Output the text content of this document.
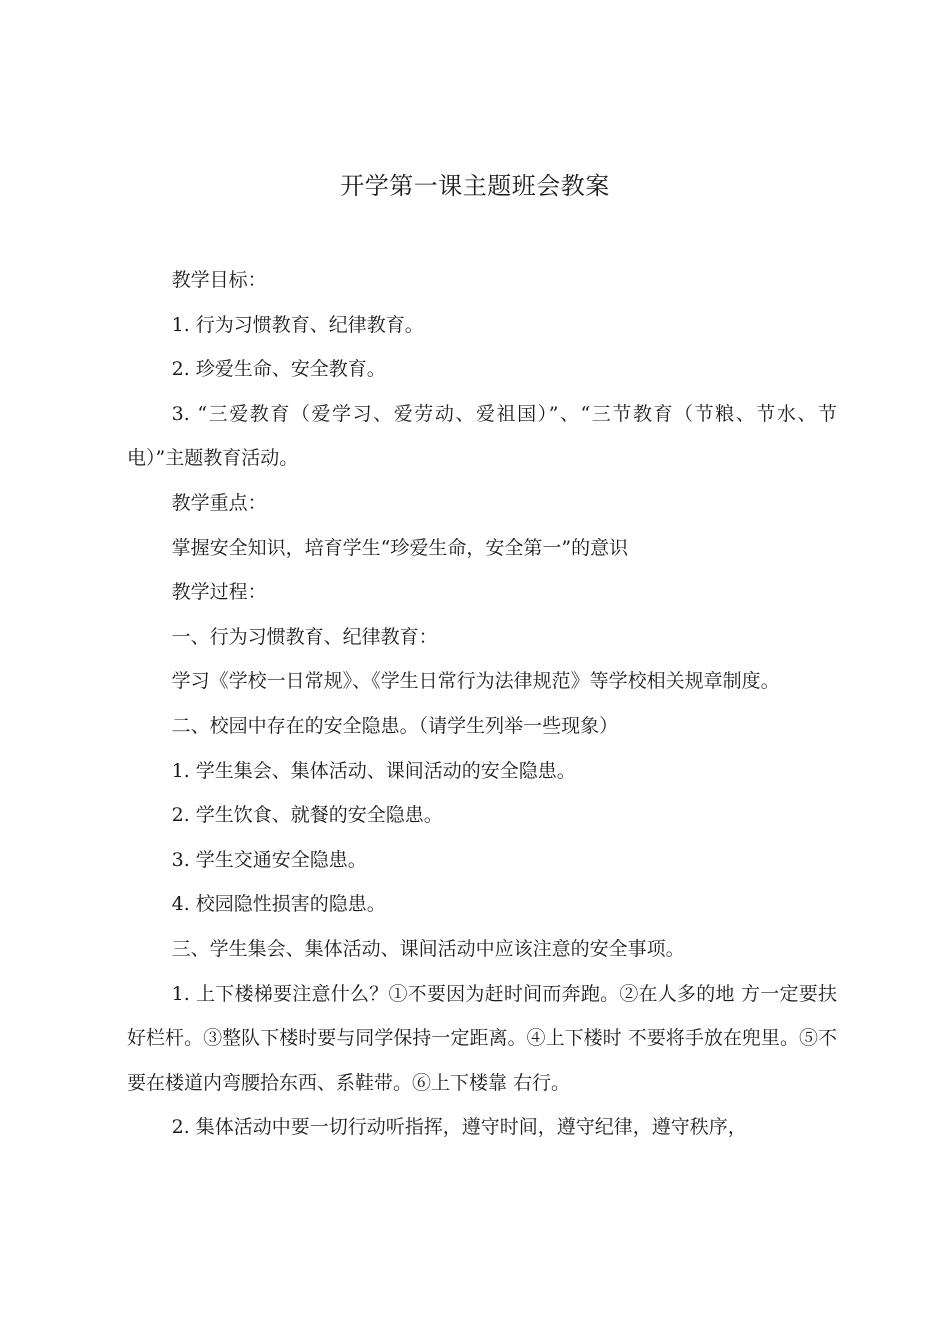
开学第一课主题班会教案

教学目标：

1. 行为习惯教育、纪律教育。

2. 珍爱生命、安全教育。

3. “三爱教育（爱学习、爱劳动、爱祖国）”、“三节教育（节粮、节水、节电）”主题教育活动。

教学重点：

掌握安全知识，培育学生“珍爱生命，安全第一”的意识

教学过程：

一、行为习惯教育、纪律教育：

学习《学校一日常规》、《学生日常行为法律规范》等学校相关规章制度。

二、校园中存在的安全隐患。（请学生列举一些现象）

1. 学生集会、集体活动、课间活动的安全隐患。

2. 学生饮食、就餐的安全隐患。

3. 学生交通安全隐患。

4. 校园隐性损害的隐患。

三、学生集会、集体活动、课间活动中应该注意的安全事项。

1. 上下楼梯要注意什么？①不要因为赶时间而奔跑。②在人多的地 方一定要扶好栏杆。③整队下楼时要与同学保持一定距离。④上下楼时 不要将手放在兜里。⑤不要在楼道内弯腰拾东西、系鞋带。⑥上下楼靠 右行。

2. 集体活动中要一切行动听指挥，遵守时间，遵守纪律，遵守秩序，
